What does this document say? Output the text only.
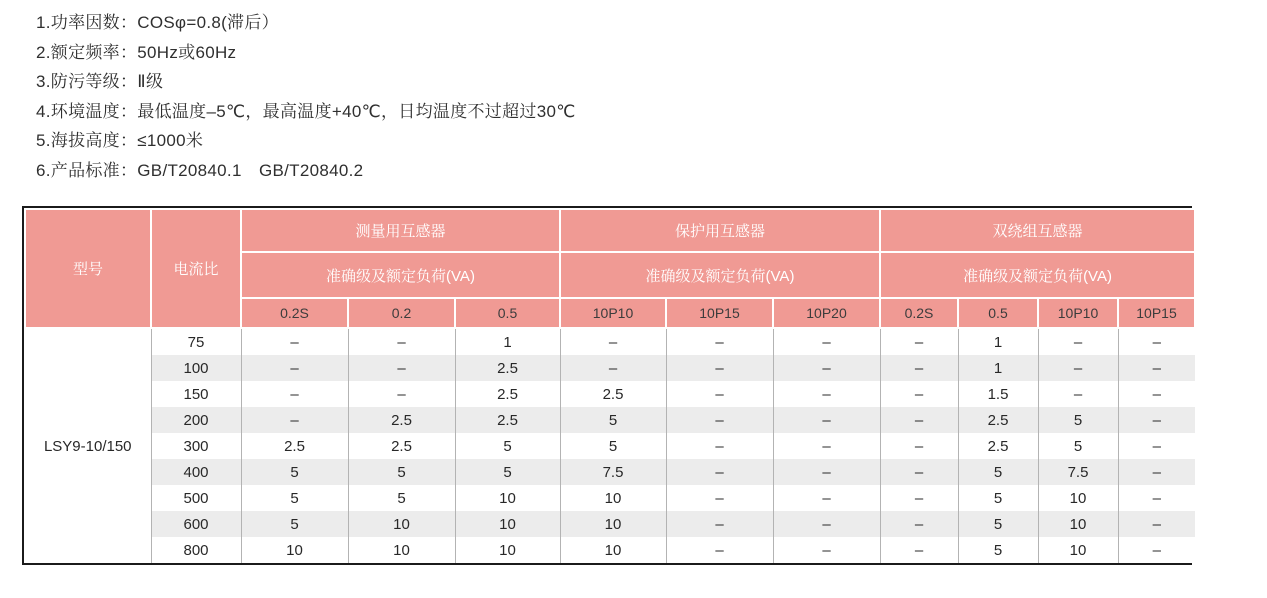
1.功率因数：COSφ=0.8(滞后）
2.额定频率：50Hz或60Hz
3.防污等级：Ⅱ级
4.环境温度：最低温度–5℃，最高温度+40℃，日均温度不过超过30℃
5.海拔高度：≤1000米
6.产品标准：GB/T20840.1　GB/T20840.2
型号	电流比	测量用互感器			保护用互感器			双绕组互感器			
		准确级及额定负荷(VA)			准确级及额定负荷(VA)			准确级及额定负荷(VA)			
		0.2S	0.2	0.5	10P10	10P15	10P20	0.2S	0.5	10P10	10P15
LSY9-10/150	75	–	–	1	–	–	–	–	1	–	–
	100	–	–	2.5	–	–	–	–	1	–	–
	150	–	–	2.5	2.5	–	–	–	1.5	–	–
	200	–	2.5	2.5	5	–	–	–	2.5	5	–
	300	2.5	2.5	5	5	–	–	–	2.5	5	–
	400	5	5	5	7.5	–	–	–	5	7.5	–
	500	5	5	10	10	–	–	–	5	10	–
	600	5	10	10	10	–	–	–	5	10	–
	800	10	10	10	10	–	–	–	5	10	–
